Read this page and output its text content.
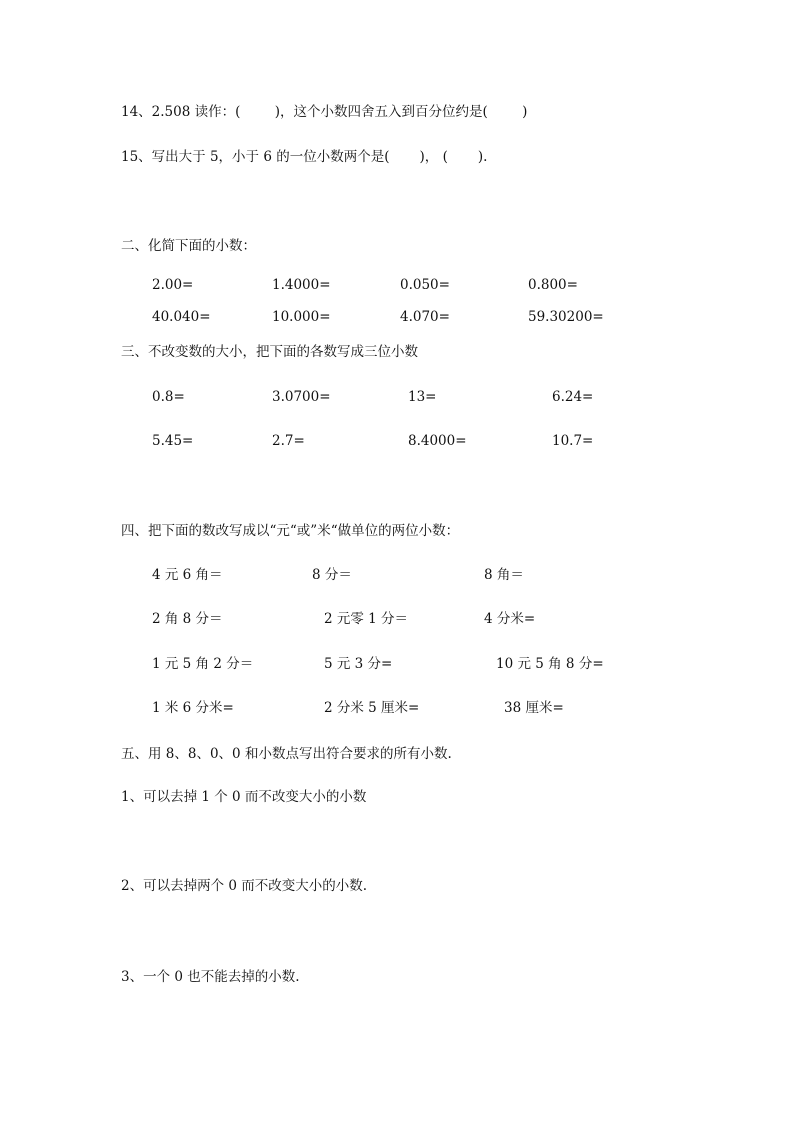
14、2.508 读作：(        )，这个小数四舍五入到百分位约是(        )
15、写出大于 5，小于 6 的一位小数两个是(       )， (       ).
二、化简下面的小数：
2.00=	1.4000=	0.050=	0.800=
40.040=	10.000=	4.070=	59.30200=
三、不改变数的大小，把下面的各数写成三位小数
0.8=	3.0700=	13=	6.24=
5.45=	2.7=	8.4000=	10.7=
四、把下面的数改写成以“元“或”米“做单位的两位小数：
4 元 6 角＝	8 分＝	8 角＝
2 角 8 分＝	2 元零 1 分＝	4 分米=
1 元 5 角 2 分＝	5 元 3 分=	10 元 5 角 8 分=
1 米 6 分米=	2 分米 5 厘米=	38 厘米=
五、用 8、8、0、0 和小数点写出符合要求的所有小数.
1、可以去掉 1 个 0 而不改变大小的小数
2、可以去掉两个 0 而不改变大小的小数.
3、一个 0 也不能去掉的小数.
